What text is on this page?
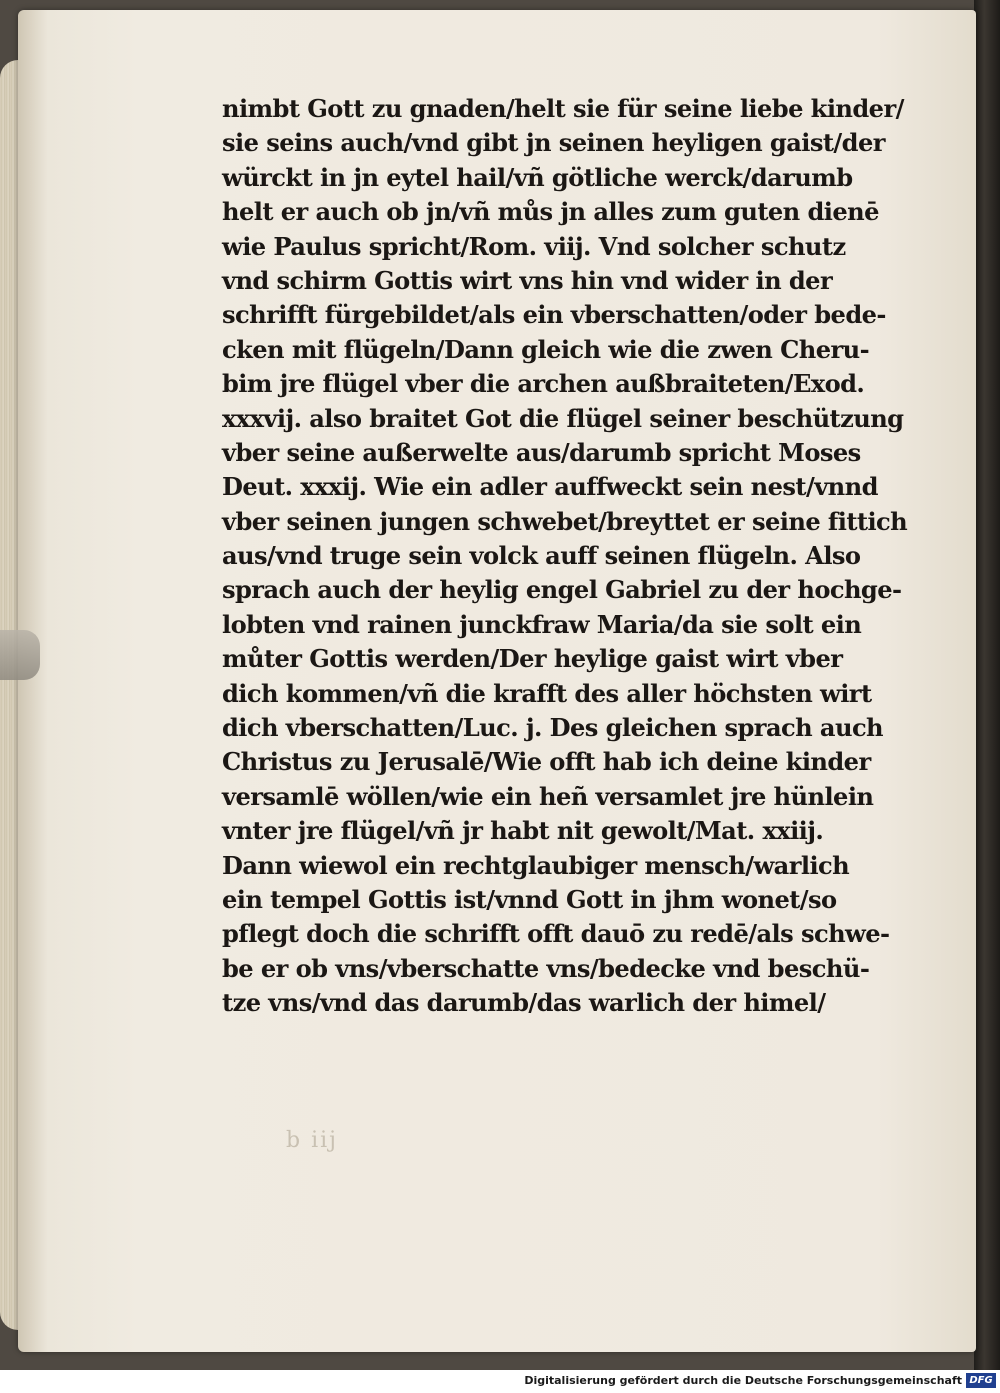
nimbt Gott zu gnaden/helt sie für seine liebe kinder/
sie seins auch/vnd gibt jn seinen heyligen gaist/der
würckt in jn eytel hail/vñ götliche werck/darumb
helt er auch ob jn/vñ můs jn alles zum guten dienē
wie Paulus spricht/Rom. viij. Vnd solcher schutz
vnd schirm Gottis wirt vns hin vnd wider in der
schrifft fürgebildet/als ein vberschatten/oder bede-
cken mit flügeln/Dann gleich wie die zwen Cheru-
bim jre flügel vber die archen außbraiteten/Exod.
xxxvij. also braitet Got die flügel seiner beschützung
vber seine außerwelte aus/darumb spricht Moses
Deut. xxxij. Wie ein adler auffweckt sein nest/vnnd
vber seinen jungen schwebet/breyttet er seine fittich
aus/vnd truge sein volck auff seinen flügeln. Also
sprach auch der heylig engel Gabriel zu der hochge-
lobten vnd rainen junckfraw Maria/da sie solt ein
můter Gottis werden/Der heylige gaist wirt vber
dich kommen/vñ die krafft des aller höchsten wirt
dich vberschatten/Luc. j. Des gleichen sprach auch
Christus zu Jerusalē/Wie offt hab ich deine kinder
versamlē wöllen/wie ein heñ versamlet jre hünlein
vnter jre flügel/vñ jr habt nit gewolt/Mat. xxiij.
Dann wiewol ein rechtglaubiger mensch/warlich
ein tempel Gottis ist/vnnd Gott in jhm wonet/so
pflegt doch die schrifft offt dauō zu redē/als schwe-
be er ob vns/vberschatte vns/bedecke vnd beschü-
tze vns/vnd das darumb/das warlich der himel/
b iij
Digitalisierung gefördert durch die Deutsche Forschungsgemeinschaft DFG
